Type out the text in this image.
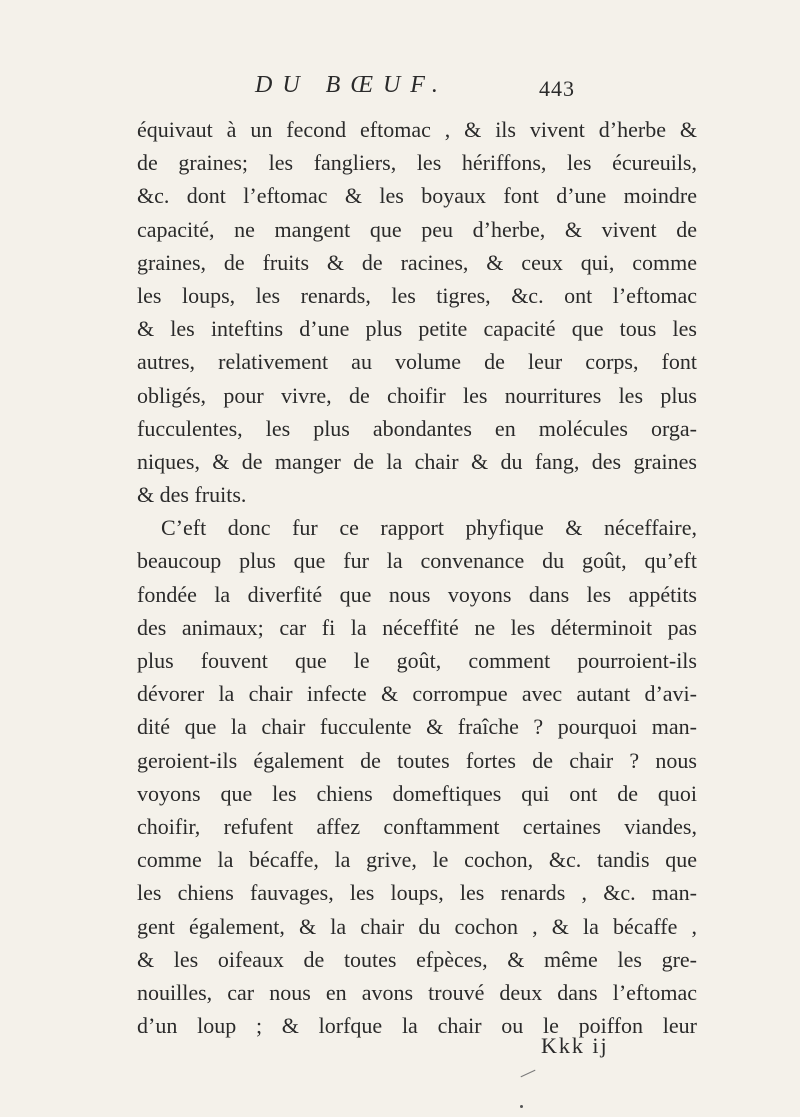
DU BŒUF.	443
équivaut à un fecond eftomac , & ils vivent d’herbe &
de graines; les fangliers, les hériffons, les écureuils,
&c. dont l’eftomac & les boyaux font d’une moindre
capacité, ne mangent que peu d’herbe, & vivent de
graines, de fruits & de racines, & ceux qui, comme
les loups, les renards, les tigres, &c. ont l’eftomac
& les inteftins d’une plus petite capacité que tous les
autres, relativement au volume de leur corps, font
obligés, pour vivre, de choifir les nourritures les plus
fucculentes, les plus abondantes en molécules orga-
niques, & de manger de la chair & du fang, des graines
& des fruits.
C’eft donc fur ce rapport phyfique & néceffaire,
beaucoup plus que fur la convenance du goût, qu’eft
fondée la diverfité que nous voyons dans les appétits
des animaux; car fi la néceffité ne les déterminoit pas
plus fouvent que le goût, comment pourroient-ils
dévorer la chair infecte & corrompue avec autant d’avi-
dité que la chair fucculente & fraîche ? pourquoi man-
geroient-ils également de toutes fortes de chair ? nous
voyons que les chiens domeftiques qui ont de quoi
choifir, refufent affez conftamment certaines viandes,
comme la bécaffe, la grive, le cochon, &c. tandis que
les chiens fauvages, les loups, les renards , &c. man-
gent également, & la chair du cochon , & la bécaffe ,
& les oifeaux de toutes efpèces, & même les gre-
nouilles, car nous en avons trouvé deux dans l’eftomac
d’un loup ; & lorfque la chair ou le poiffon leur
Kkk ij
